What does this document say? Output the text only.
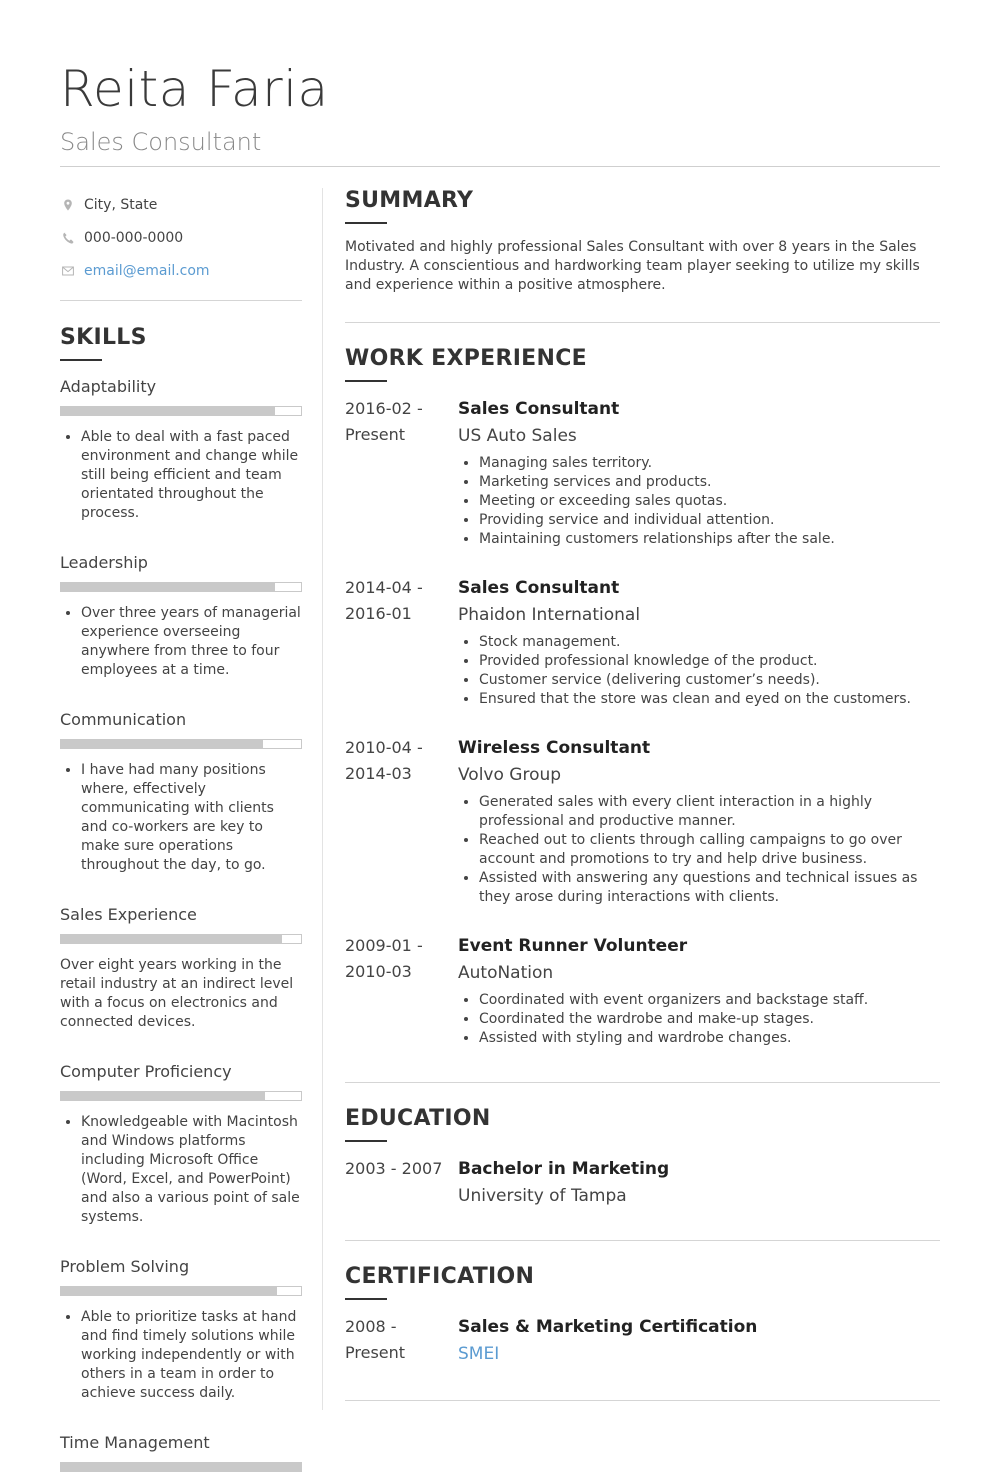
Reita Faria
Sales Consultant
City, State
000-000-0000
email@email.com
SKILLS
Adaptability
• Able to deal with a fast paced environment and change while still being efficient and team orientated throughout the process.
Leadership
• Over three years of managerial experience overseeing anywhere from three to four employees at a time.
Communication
• I have had many positions where, effectively communicating with clients and co-workers are key to make sure operations throughout the day, to go.
Sales Experience

Over eight years working in the retail industry at an indirect level with a focus on electronics and connected devices.

Computer Proficiency
• Knowledgeable with Macintosh and Windows platforms including Microsoft Office (Word, Excel, and PowerPoint) and also a various point of sale systems.
Problem Solving
• Able to prioritize tasks at hand and find timely solutions while working independently or with others in a team in order to achieve success daily.
Time Management
SUMMARY

Motivated and highly professional Sales Consultant with over 8 years in the Sales Industry. A conscientious and hardworking team player seeking to utilize my skills and experience within a positive atmosphere.

WORK EXPERIENCE
2016-02 -
Present
Sales Consultant
US Auto Sales
• Managing sales territory.
• Marketing services and products.
• Meeting or exceeding sales quotas.
• Providing service and individual attention.
• Maintaining customers relationships after the sale.
2014-04 -
2016-01
Sales Consultant
Phaidon International
• Stock management.
• Provided professional knowledge of the product.
• Customer service (delivering customer’s needs).
• Ensured that the store was clean and eyed on the customers.
2010-04 -
2014-03
Wireless Consultant
Volvo Group
• Generated sales with every client interaction in a highly professional and productive manner.
• Reached out to clients through calling campaigns to go over account and promotions to try and help drive business.
• Assisted with answering any questions and technical issues as they arose during interactions with clients.
2009-01 -
2010-03
Event Runner Volunteer
AutoNation
• Coordinated with event organizers and backstage staff.
• Coordinated the wardrobe and make-up stages.
• Assisted with styling and wardrobe changes.
EDUCATION
2003 - 2007 Bachelor in Marketing
University of Tampa
CERTIFICATION
2008 -
Present
Sales & Marketing Certification
SMEI
